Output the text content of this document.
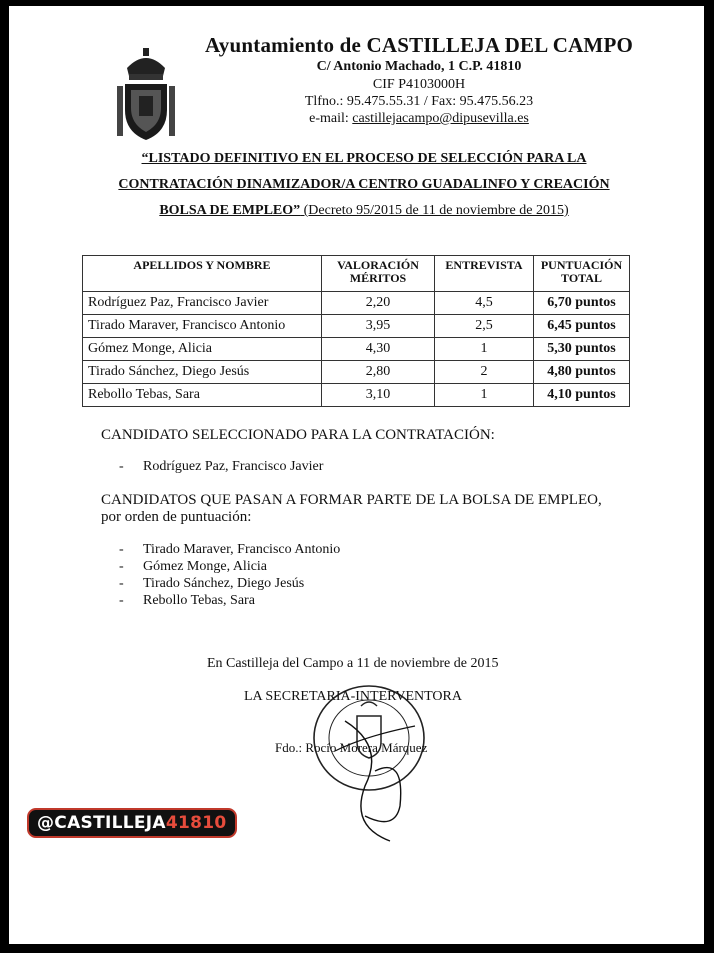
Ayuntamiento de CASTILLEJA DEL CAMPO
C/ Antonio Machado, 1 C.P. 41810
CIF P4103000H
Tlfno.: 95.475.55.31 / Fax: 95.475.56.23
e-mail: castillejacampo@dipusevilla.es
“LISTADO DEFINITIVO EN EL PROCESO DE SELECCIÓN PARA LA
CONTRATACIÓN DINAMIZADOR/A CENTRO GUADALINFO Y CREACIÓN
BOLSA DE EMPLEO” (Decreto 95/2015 de 11 de noviembre de 2015)
APELLIDOS Y NOMBRE	VALORACIÓN MÉRITOS	ENTREVISTA	PUNTUACIÓN TOTAL
Rodríguez Paz, Francisco Javier	2,20	4,5	6,70 puntos
Tirado Maraver, Francisco Antonio	3,95	2,5	6,45 puntos
Gómez Monge, Alicia	4,30	1	5,30 puntos
Tirado Sánchez, Diego Jesús	2,80	2	4,80 puntos
Rebollo Tebas, Sara	3,10	1	4,10 puntos
CANDIDATO SELECCIONADO PARA LA CONTRATACIÓN:
-	Rodríguez Paz, Francisco Javier
CANDIDATOS QUE PASAN A FORMAR PARTE DE LA BOLSA DE EMPLEO,
por orden de puntuación:
-	Tirado Maraver, Francisco Antonio
-	Gómez Monge, Alicia
-	Tirado Sánchez, Diego Jesús
-	Rebollo Tebas, Sara
En Castilleja del Campo a 11 de noviembre de 2015
LA SECRETARIA-INTERVENTORA
Fdo.: Rocío Morera Márquez
@CASTILLEJA41810
